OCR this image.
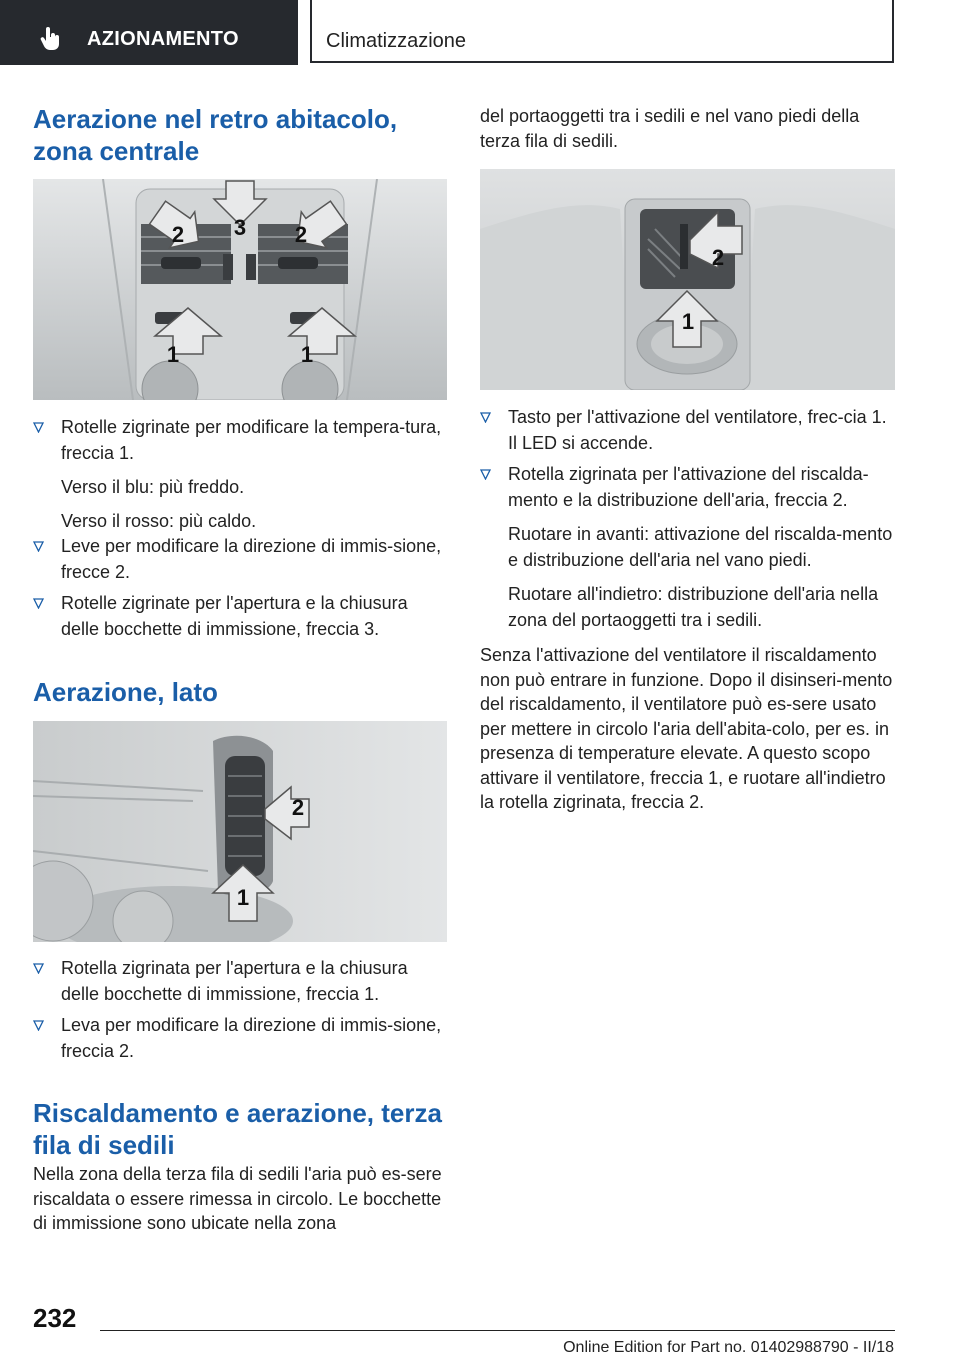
AZIONAMENTO	Climatizzazione
Aerazione nel retro abitacolo, zona centrale
1	1
2	2
3
Rotelle zigrinate per modificare la tempera-tura, freccia 1.
Verso il blu: più freddo.
Verso il rosso: più caldo.
Leve per modificare la direzione di immis-sione, frecce 2.
Rotelle zigrinate per l'apertura e la chiusura delle bocchette di immissione, freccia 3.
Aerazione, lato
1
2
Rotella zigrinata per l'apertura e la chiusura delle bocchette di immissione, freccia 1.
Leva per modificare la direzione di immis-sione, freccia 2.
Riscaldamento e aerazione, terza fila di sedili

Nella zona della terza fila di sedili l'aria può es-sere riscaldata o essere rimessa in circolo. Le bocchette di immissione sono ubicate nella zona

del portaoggetti tra i sedili e nel vano piedi della terza fila di sedili.

1
2
Tasto per l'attivazione del ventilatore, frec-cia 1. Il LED si accende.
Rotella zigrinata per l'attivazione del riscalda-mento e la distribuzione dell'aria, freccia 2.
Ruotare in avanti: attivazione del riscalda-mento e distribuzione dell'aria nel vano piedi.
Ruotare all'indietro: distribuzione dell'aria nella zona del portaoggetti tra i sedili.

Senza l'attivazione del ventilatore il riscaldamento non può entrare in funzione. Dopo il disinseri-mento del riscaldamento, il ventilatore può es-sere usato per mettere in circolo l'aria dell'abita-colo, per es. in presenza di temperature elevate. A questo scopo attivare il ventilatore, freccia 1, e ruotare all'indietro la rotella zigrinata, freccia 2.

232
Online Edition for Part no. 01402988790 - II/18
